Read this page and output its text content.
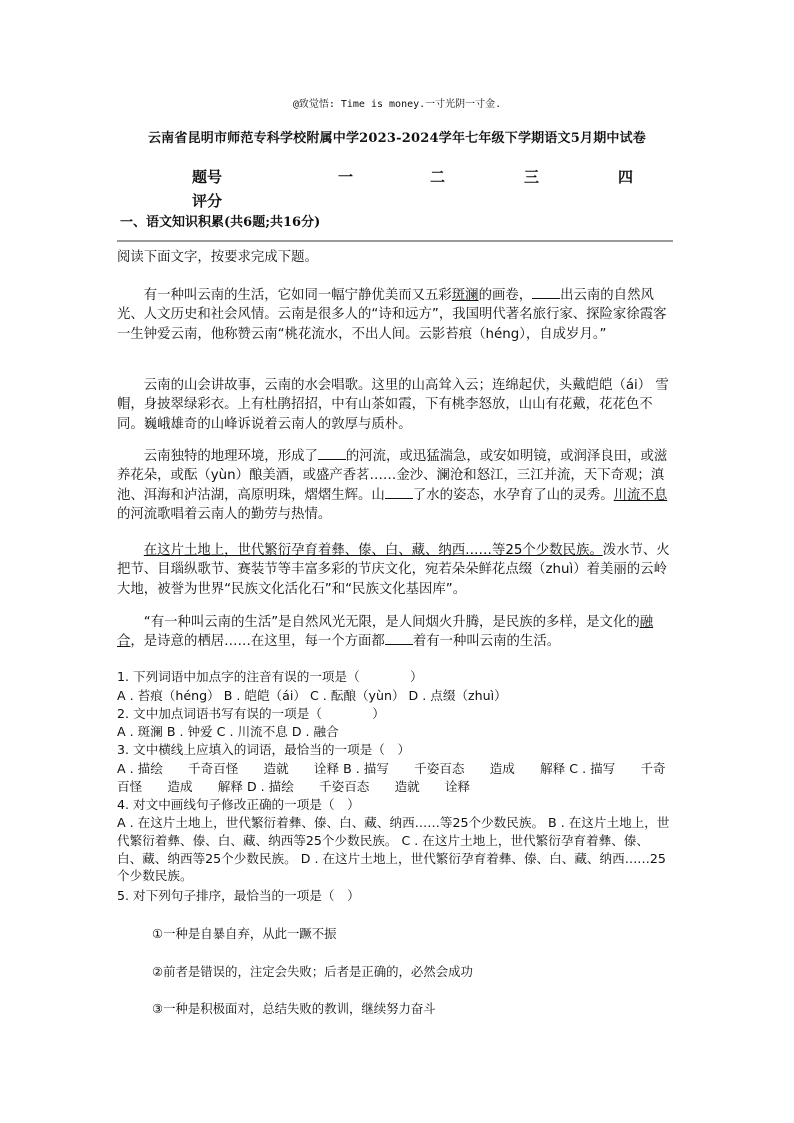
@致觉悟: Time is money.一寸光阴一寸金.
云南省昆明市师范专科学校附属中学2023-2024学年七年级下学期语文5月期中试卷
题号	一	二	三	四
评分
一、语文知识积累(共6题;共16分)
阅读下面文字，按要求完成下题。
有一种叫云南的生活，它如同一幅宁静优美而又五彩斑澜的画卷， 出云南的自然风光、人文历史和社会风情。云南是很多人的“诗和远方”，我国明代著名旅行家、探险家徐霞客一生钟爱云南，他称赞云南“桃花流水，不出人间。云影苔痕（héng），自成岁月。”
云南的山会讲故事，云南的水会唱歌。这里的山高耸入云；连绵起伏，头戴皑皑（ái） 雪帽，身披翠绿彩衣。上有杜鹃招招，中有山茶如霞，下有桃李怒放，山山有花戴，花花色不同。巍峨雄奇的山峰诉说着云南人的敦厚与质朴。
云南独特的地理环境，形成了 的河流，或迅猛湍急，或安如明镜，或润泽良田，或滋养花朵，或酝（yùn）酿美酒，或盛产香茗……金沙、澜沧和怒江，三江并流，天下奇观；滇池、洱海和泸沽湖，高原明珠，熠熠生辉。山 了水的姿态，水孕育了山的灵秀。川流不息的河流歌唱着云南人的勤劳与热情。
在这片土地上，世代繁衍孕育着彝、傣、白、藏、纳西……等25个少数民族。泼水节、火把节、目瑙纵歌节、赛装节等丰富多彩的节庆文化，宛若朵朵鲜花点缀（zhuì）着美丽的云岭大地，被誉为世界“民族文化活化石”和“民族文化基因库”。
“有一种叫云南的生活”是自然风光无限，是人间烟火升腾，是民族的多样，是文化的融合，是诗意的栖居……在这里，每一个方面都 着有一种叫云南的生活。
1. 下列词语中加点字的注音有误的一项是（　　　　）
A . 苔痕（héng） B . 皑皑（ái） C . 酝酿（yùn） D . 点缀（zhuì）
2. 文中加点词语书写有误的一项是（　　　　）
A . 斑澜 B . 钟爱 C . 川流不息 D . 融合
3. 文中横线上应填入的词语，最恰当的一项是（　）
A . 描绘　　千奇百怪　　造就　　诠释 B . 描写　　千姿百态　　造成　　解释 C . 描写　　千奇百怪　　造成　　解释 D . 描绘　　千姿百态　　造就　　诠释
4. 对文中画线句子修改正确的一项是（　）
A . 在这片土地上，世代繁衍着彝、傣、白、藏、纳西……等25个少数民族。 B . 在这片土地上，世代繁衍着彝、傣、白、藏、纳西等25个少数民族。 C . 在这片土地上，世代繁衍孕育着彝、傣、白、藏、纳西等25个少数民族。 D . 在这片土地上，世代繁衍孕育着彝、傣、白、藏、纳西……25个少数民族。
5. 对下列句子排序，最恰当的一项是（　）
①一种是自暴自弃，从此一蹶不振
②前者是错误的，注定会失败；后者是正确的，必然会成功
③一种是积极面对，总结失败的教训，继续努力奋斗
